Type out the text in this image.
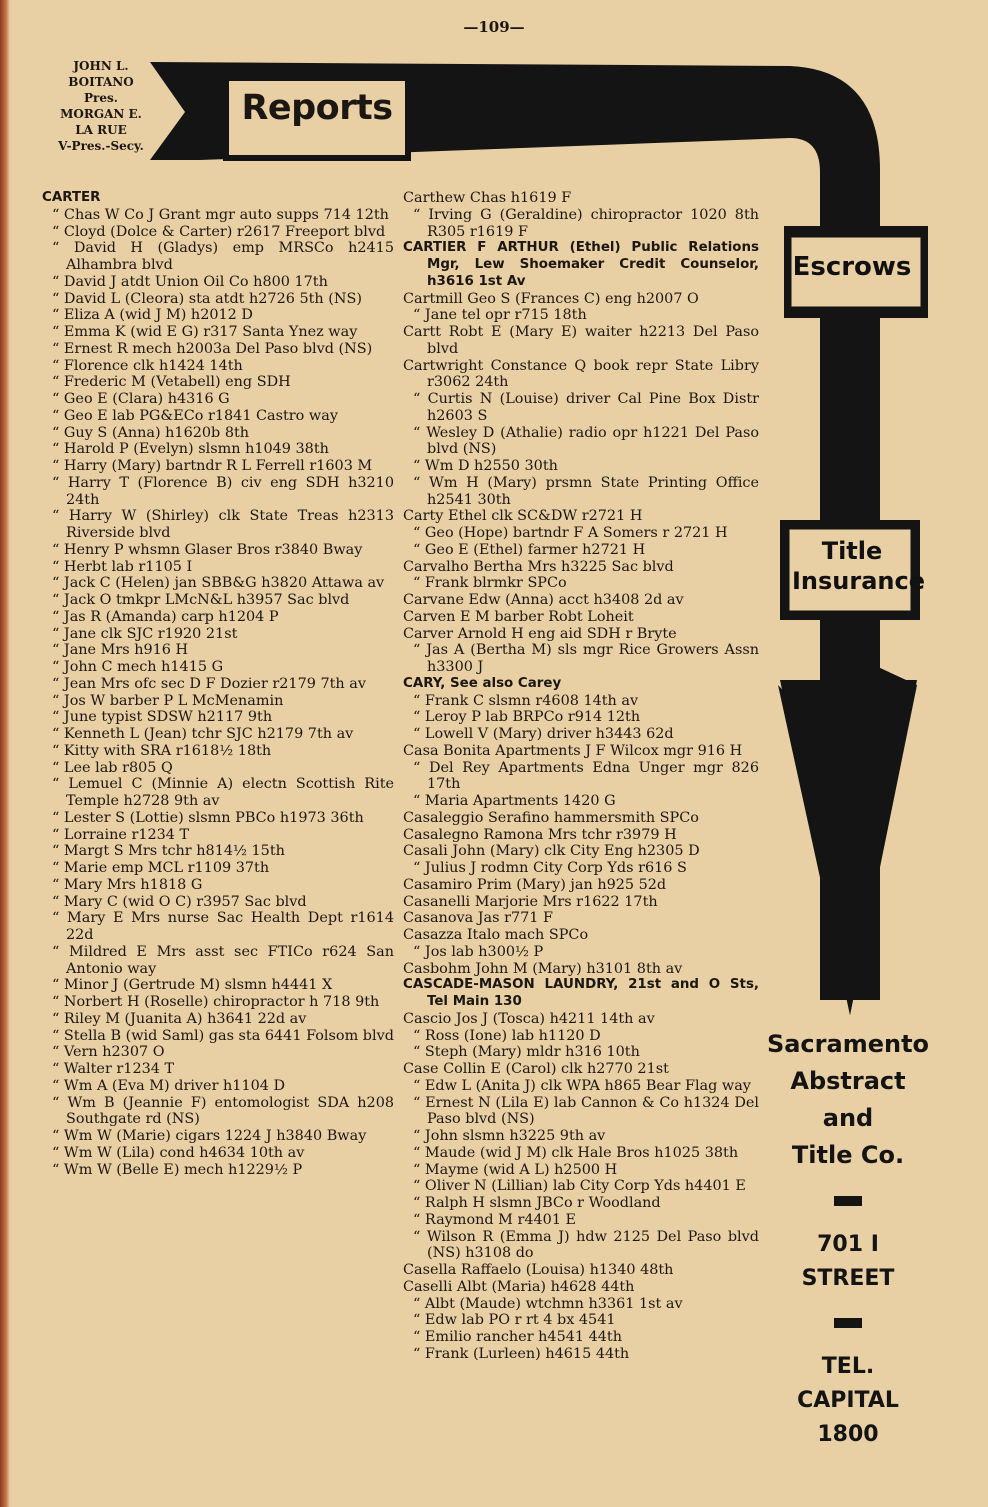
—109—
JOHN L.
BOITANO
Pres.
MORGAN E.
LA RUE
V-Pres.-Secy.
Reports
Escrows
Title
Insurance
Sacramento
Abstract
and
Title Co.
701 I
STREET
TEL.
CAPITAL
1800
CARTER
“ Chas W Co J Grant mgr auto supps 714 12th
“ Cloyd (Dolce & Carter) r2617 Freeport blvd
“ David H (Gladys) emp MRSCo h2415 Alhambra blvd
“ David J atdt Union Oil Co h800 17th
“ David L (Cleora) sta atdt h2726 5th (NS)
“ Eliza A (wid J M) h2012 D
“ Emma K (wid E G) r317 Santa Ynez way
“ Ernest R mech h2003a Del Paso blvd (NS)
“ Florence clk h1424 14th
“ Frederic M (Vetabell) eng SDH
“ Geo E (Clara) h4316 G
“ Geo E lab PG&ECo r1841 Castro way
“ Guy S (Anna) h1620b 8th
“ Harold P (Evelyn) slsmn h1049 38th
“ Harry (Mary) bartndr R L Ferrell r1603 M
“ Harry T (Florence B) civ eng SDH h3210 24th
“ Harry W (Shirley) clk State Treas h2313 Riverside blvd
“ Henry P whsmn Glaser Bros r3840 Bway
“ Herbt lab r1105 I
“ Jack C (Helen) jan SBB&G h3820 Attawa av
“ Jack O tmkpr LMcN&L h3957 Sac blvd
“ Jas R (Amanda) carp h1204 P
“ Jane clk SJC r1920 21st
“ Jane Mrs h916 H
“ John C mech h1415 G
“ Jean Mrs ofc sec D F Dozier r2179 7th av
“ Jos W barber P L McMenamin
“ June typist SDSW h2117 9th
“ Kenneth L (Jean) tchr SJC h2179 7th av
“ Kitty with SRA r1618½ 18th
“ Lee lab r805 Q
“ Lemuel C (Minnie A) electn Scottish Rite Temple h2728 9th av
“ Lester S (Lottie) slsmn PBCo h1973 36th
“ Lorraine r1234 T
“ Margt S Mrs tchr h814½ 15th
“ Marie emp MCL r1109 37th
“ Mary Mrs h1818 G
“ Mary C (wid O C) r3957 Sac blvd
“ Mary E Mrs nurse Sac Health Dept r1614 22d
“ Mildred E Mrs asst sec FTICo r624 San Antonio way
“ Minor J (Gertrude M) slsmn h4441 X
“ Norbert H (Roselle) chiropractor h 718 9th
“ Riley M (Juanita A) h3641 22d av
“ Stella B (wid Saml) gas sta 6441 Folsom blvd
“ Vern h2307 O
“ Walter r1234 T
“ Wm A (Eva M) driver h1104 D
“ Wm B (Jeannie F) entomologist SDA h208 Southgate rd (NS)
“ Wm W (Marie) cigars 1224 J h3840 Bway
“ Wm W (Lila) cond h4634 10th av
“ Wm W (Belle E) mech h1229½ P
Carthew Chas h1619 F
“ Irving G (Geraldine) chiropractor 1020 8th R305 r1619 F
CARTIER F ARTHUR (Ethel) Public Relations Mgr, Lew Shoemaker Credit Counselor, h3616 1st Av
Cartmill Geo S (Frances C) eng h2007 O
“ Jane tel opr r715 18th
Cartt Robt E (Mary E) waiter h2213 Del Paso blvd
Cartwright Constance Q book repr State Libry r3062 24th
“ Curtis N (Louise) driver Cal Pine Box Distr h2603 S
“ Wesley D (Athalie) radio opr h1221 Del Paso blvd (NS)
“ Wm D h2550 30th
“ Wm H (Mary) prsmn State Printing Office h2541 30th
Carty Ethel clk SC&DW r2721 H
“ Geo (Hope) bartndr F A Somers r 2721 H
“ Geo E (Ethel) farmer h2721 H
Carvalho Bertha Mrs h3225 Sac blvd
“ Frank blrmkr SPCo
Carvane Edw (Anna) acct h3408 2d av
Carven E M barber Robt Loheit
Carver Arnold H eng aid SDH r Bryte
“ Jas A (Bertha M) sls mgr Rice Growers Assn h3300 J
CARY, See also Carey
“ Frank C slsmn r4608 14th av
“ Leroy P lab BRPCo r914 12th
“ Lowell V (Mary) driver h3443 62d
Casa Bonita Apartments J F Wilcox mgr 916 H
“ Del Rey Apartments Edna Unger mgr 826 17th
“ Maria Apartments 1420 G
Casaleggio Serafino hammersmith SPCo
Casalegno Ramona Mrs tchr r3979 H
Casali John (Mary) clk City Eng h2305 D
“ Julius J rodmn City Corp Yds r616 S
Casamiro Prim (Mary) jan h925 52d
Casanelli Marjorie Mrs r1622 17th
Casanova Jas r771 F
Casazza Italo mach SPCo
“ Jos lab h300½ P
Casbohm John M (Mary) h3101 8th av
CASCADE-MASON LAUNDRY, 21st and O Sts, Tel Main 130
Cascio Jos J (Tosca) h4211 14th av
“ Ross (Ione) lab h1120 D
“ Steph (Mary) mldr h316 10th
Case Collin E (Carol) clk h2770 21st
“ Edw L (Anita J) clk WPA h865 Bear Flag way
“ Ernest N (Lila E) lab Cannon & Co h1324 Del Paso blvd (NS)
“ John slsmn h3225 9th av
“ Maude (wid J M) clk Hale Bros h1025 38th
“ Mayme (wid A L) h2500 H
“ Oliver N (Lillian) lab City Corp Yds h4401 E
“ Ralph H slsmn JBCo r Woodland
“ Raymond M r4401 E
“ Wilson R (Emma J) hdw 2125 Del Paso blvd (NS) h3108 do
Casella Raffaelo (Louisa) h1340 48th
Caselli Albt (Maria) h4628 44th
“ Albt (Maude) wtchmn h3361 1st av
“ Edw lab PO r rt 4 bx 4541
“ Emilio rancher h4541 44th
“ Frank (Lurleen) h4615 44th
